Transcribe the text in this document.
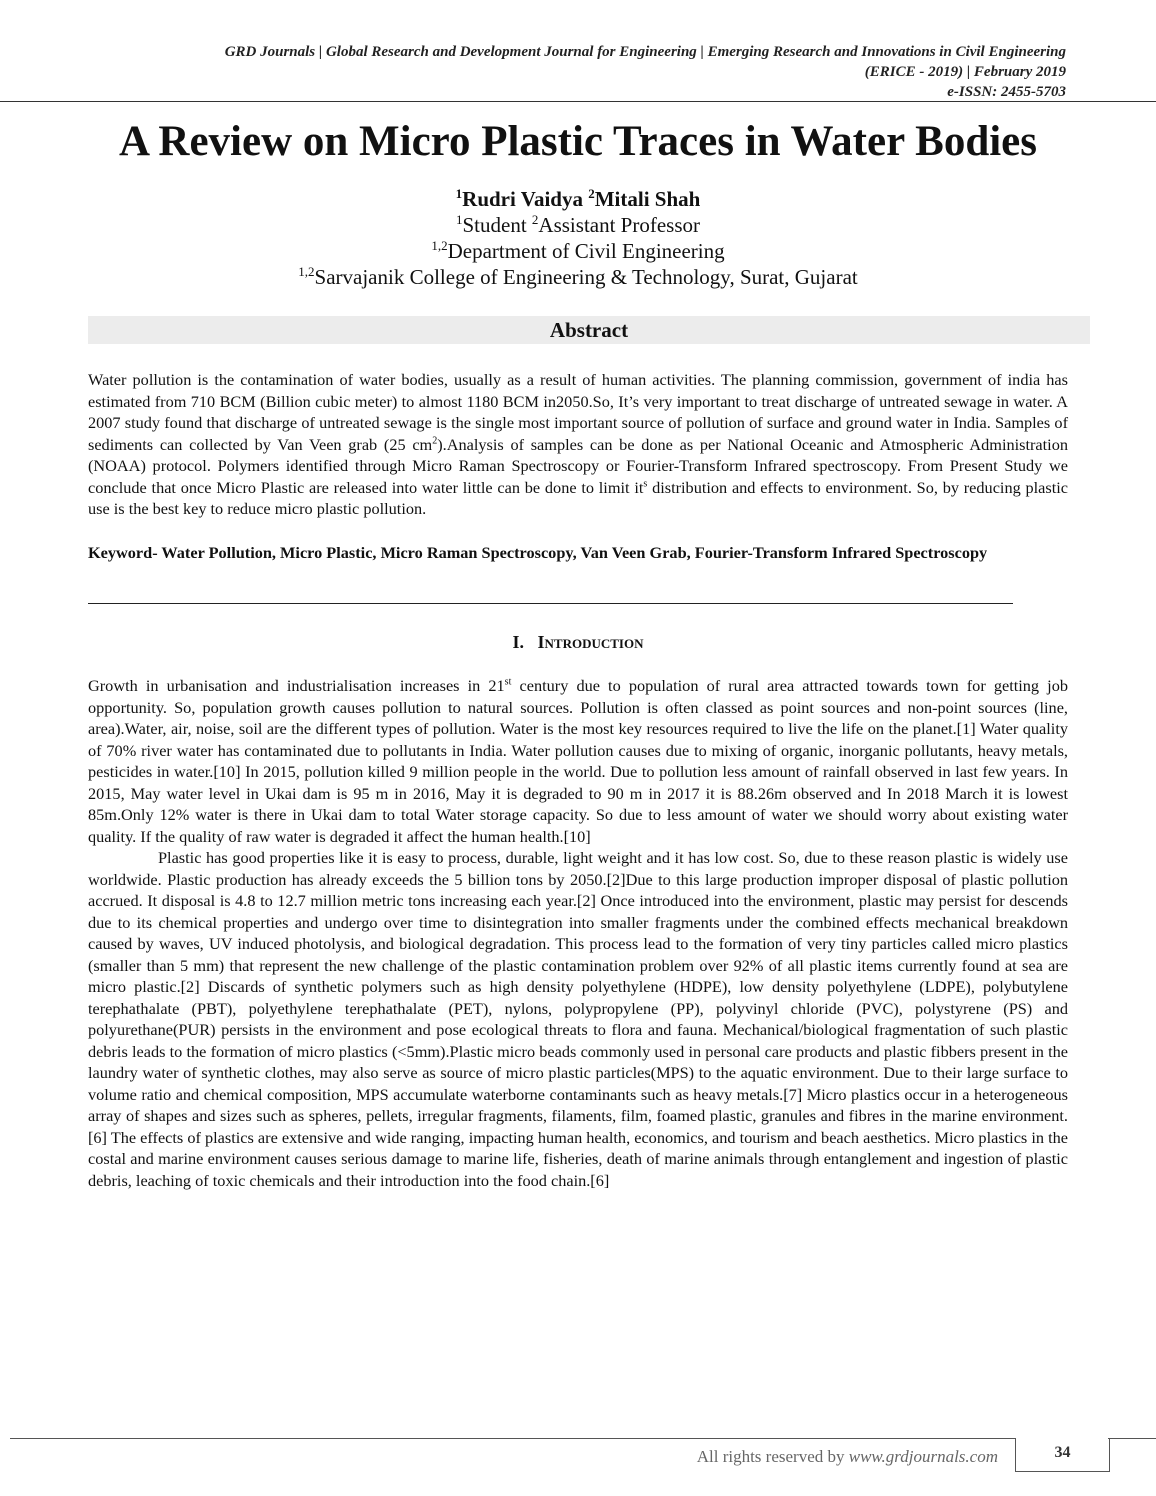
GRD Journals | Global Research and Development Journal for Engineering | Emerging Research and Innovations in Civil Engineering
(ERICE - 2019) | February 2019
e-ISSN: 2455-5703
A Review on Micro Plastic Traces in Water Bodies
$^1$Rudri Vaidya $^2$Mitali Shah
$^1$Student $^2$Assistant Professor
$^{1,2}$Department of Civil Engineering
$^{1,2}$Sarvajanik College of Engineering & Technology, Surat, Gujarat
Abstract
Water pollution is the contamination of water bodies, usually as a result of human activities. The planning commission, government of india has estimated from 710 BCM (Billion cubic meter) to almost 1180 BCM in2050.So, It’s very important to treat discharge of untreated sewage in water. A 2007 study found that discharge of untreated sewage is the single most important source of pollution of surface and ground water in India. Samples of sediments can collected by Van Veen grab (25 $cm^2).Analysis$ of samples can be done as per National Oceanic and Atmospheric Administration (NOAA) protocol. Polymers identified through Micro Raman Spectroscopy or Fourier-Transform Infrared spectroscopy. From Present Study we conclude that once Micro Plastic are released into water little can be done to limit $it^s$ distribution and effects to environment. So, by reducing plastic use is the best key to reduce micro plastic pollution.
Keyword- Water Pollution, Micro Plastic, Micro Raman Spectroscopy, Van Veen Grab, Fourier-Transform Infrared Spectroscopy
I. Introduction

Growth in urbanisation and industrialisation increases in 21st century due to population of rural area attracted towards town for getting job opportunity. So, population growth causes pollution to natural sources. Pollution is often classed as point sources and non-point sources (line, area).Water, air, noise, soil are the different types of pollution. Water is the most key resources required to live the life on the planet.[1] Water quality of 70% river water has contaminated due to pollutants in India. Water pollution causes due to mixing of organic, inorganic pollutants, heavy metals, pesticides in water.[10] In 2015, pollution killed 9 million people in the world. Due to pollution less amount of rainfall observed in last few years. In 2015, May water level in Ukai dam is 95 m in 2016, May it is degraded to 90 m in 2017 it is 88.26m observed and In 2018 March it is lowest 85m.Only 12% water is there in Ukai dam to total Water storage capacity. So due to less amount of water we should worry about existing water quality. If the quality of raw water is degraded it affect the human health.[10]

Plastic has good properties like it is easy to process, durable, light weight and it has low cost. So, due to these reason plastic is widely use worldwide. Plastic production has already exceeds the 5 billion tons by 2050.[2]Due to this large production improper disposal of plastic pollution accrued. It disposal is 4.8 to 12.7 million metric tons increasing each year.[2] Once introduced into the environment, plastic may persist for descends due to its chemical properties and undergo over time to disintegration into smaller fragments under the combined effects mechanical breakdown caused by waves, UV induced photolysis, and biological degradation. This process lead to the formation of very tiny particles called micro plastics (smaller than 5 mm) that represent the new challenge of the plastic contamination problem over 92% of all plastic items currently found at sea are micro plastic.[2] Discards of synthetic polymers such as high density polyethylene (HDPE), low density polyethylene (LDPE), polybutylene terephathalate (PBT), polyethylene terephathalate (PET), nylons, polypropylene (PP), polyvinyl chloride (PVC), polystyrene (PS) and polyurethane(PUR) persists in the environment and pose ecological threats to flora and fauna. Mechanical/biological fragmentation of such plastic debris leads to the formation of micro plastics (<5mm).Plastic micro beads commonly used in personal care products and plastic fibbers present in the laundry water of synthetic clothes, may also serve as source of micro plastic particles(MPS) to the aquatic environment. Due to their large surface to volume ratio and chemical composition, MPS accumulate waterborne contaminants such as heavy metals.[7] Micro plastics occur in a heterogeneous array of shapes and sizes such as spheres, pellets, irregular fragments, filaments, film, foamed plastic, granules and fibres in the marine environment.[6] The effects of plastics are extensive and wide ranging, impacting human health, economics, and tourism and beach aesthetics. Micro plastics in the costal and marine environment causes serious damage to marine life, fisheries, death of marine animals through entanglement and ingestion of plastic debris, leaching of toxic chemicals and their introduction into the food chain.[6]

All rights reserved by www.grdjournals.com	34
